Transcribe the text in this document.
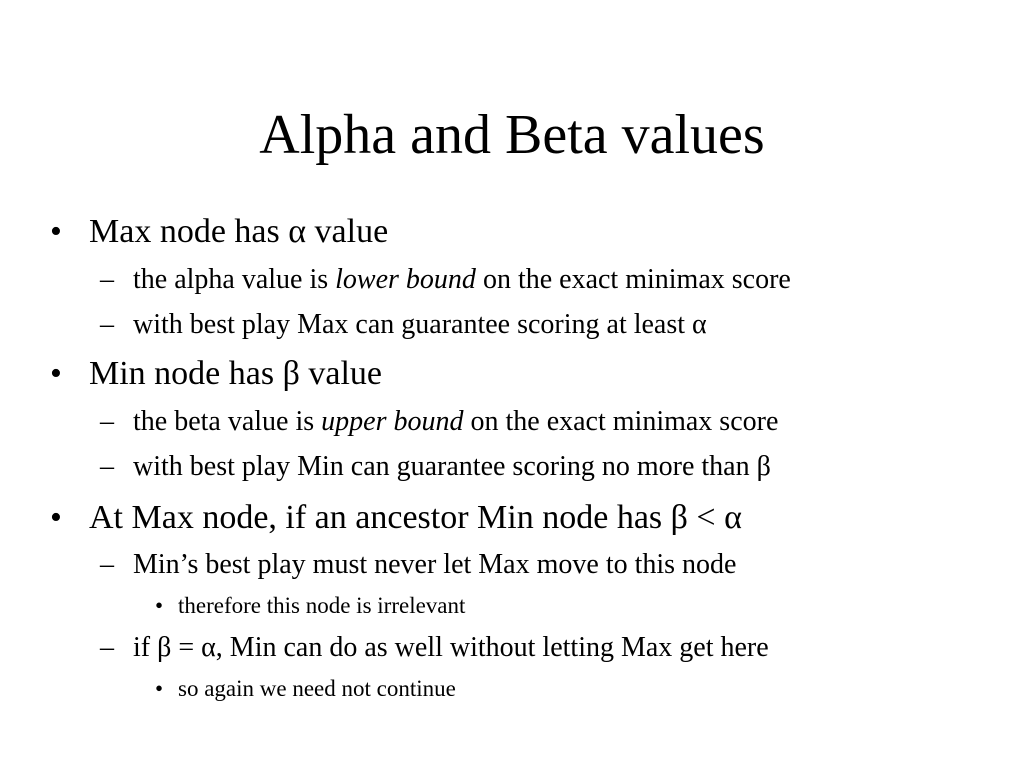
Alpha and Beta values
• Max node has α value
– the alpha value is lower bound on the exact minimax score
– with best play Max can guarantee scoring at least α
• Min node has β value
– the beta value is upper bound on the exact minimax score
– with best play Min can guarantee scoring no more than β
• At Max node, if an ancestor Min node has β < α
– Min’s best play must never let Max move to this node
• therefore this node is irrelevant
– if β = α, Min can do as well without letting Max get here
• so again we need not continue
